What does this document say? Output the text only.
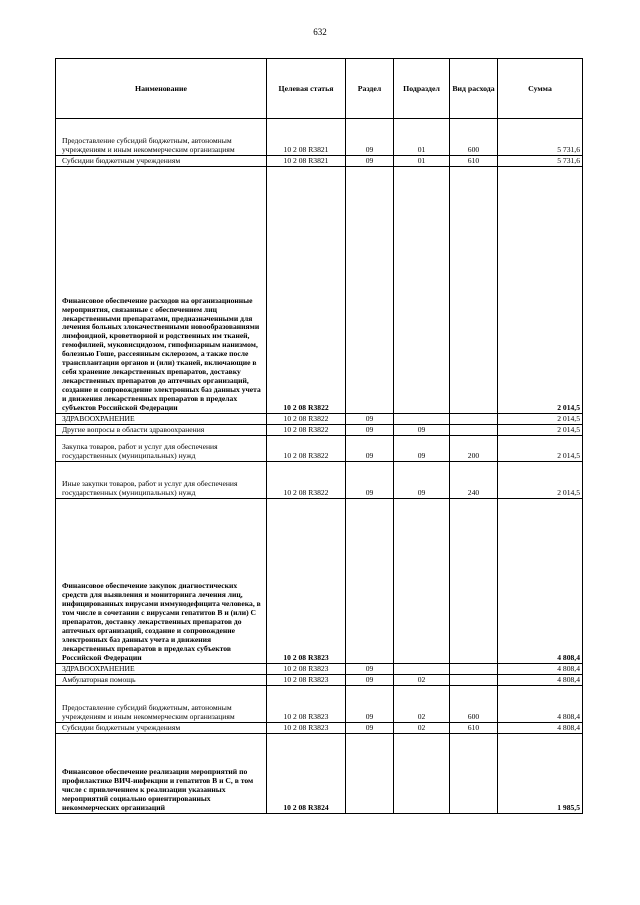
632
Наименование	Целевая статья	Раздел	Подраздел	Вид расхода	Сумма

Предоставление субсидий бюджетным, автономным учреждениям и иным некоммерческим организациям	10 2 08 R3821	09	01	600	5 731,6

Субсидии бюджетным учреждениям	10 2 08 R3821	09	01	610	5 731,6

Финансовое обеспечение расходов на организационные мероприятия, связанные с обеспечением лиц лекарственными препаратами, предназначенными для лечения больных злокачественными новообразованиями лимфоидной, кроветворной и родственных им тканей, гемофилией, муковисцидозом, гипофизарным нанизмом, болезнью Гоше, рассеянным склерозом, а также после трансплантации органов и (или) тканей, включающие в себя хранение лекарственных препаратов, доставку лекарственных препаратов до аптечных организаций, создание и сопровождение электронных баз данных учета и движения лекарственных препаратов в пределах субъектов Российской Федерации	10 2 08 R3822				2 014,5

ЗДРАВООХРАНЕНИЕ	10 2 08 R3822	09			2 014,5

Другие вопросы в области здравоохранения	10 2 08 R3822	09	09		2 014,5

Закупка товаров, работ и услуг для обеспечения государственных (муниципальных) нужд	10 2 08 R3822	09	09	200	2 014,5

Иные закупки товаров, работ и услуг для обеспечения государственных (муниципальных) нужд	10 2 08 R3822	09	09	240	2 014,5

Финансовое обеспечение закупок диагностических средств для выявления и мониторинга лечения лиц, инфицированных вирусами иммунодефицита человека, в том числе в сочетании с вирусами гепатитов B и (или) C препаратов, доставку лекарственных препаратов до аптечных организаций, создание и сопровождение электронных баз данных учета и движения лекарственных препаратов в пределах субъектов Российской Федерации	10 2 08 R3823				4 808,4

ЗДРАВООХРАНЕНИЕ	10 2 08 R3823	09			4 808,4

Амбулаторная помощь	10 2 08 R3823	09	02		4 808,4

Предоставление субсидий бюджетным, автономным учреждениям и иным некоммерческим организациям	10 2 08 R3823	09	02	600	4 808,4

Субсидии бюджетным учреждениям	10 2 08 R3823	09	02	610	4 808,4

Финансовое обеспечение реализации мероприятий по профилактике ВИЧ-инфекции и гепатитов B и C, в том числе с привлечением к реализации указанных мероприятий социально ориентированных некоммерческих организаций	10 2 08 R3824				1 985,5
